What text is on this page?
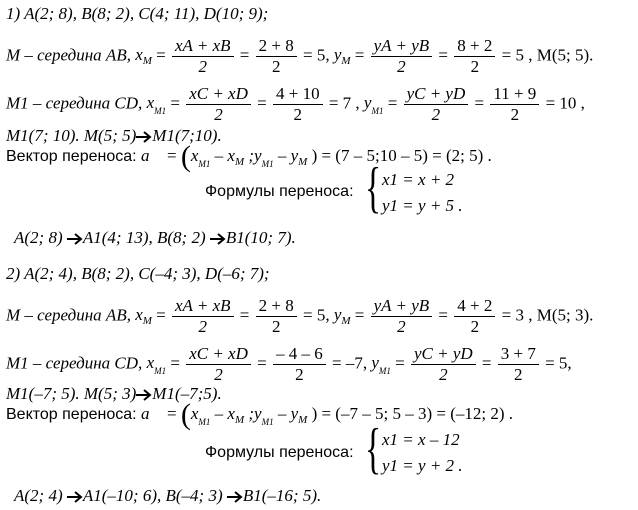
1) A(2; 8), B(8; 2), C(4; 11), D(10; 9);
M – середина AB, $x_M = \frac{xA + xB}{2} = \frac{2 + 8}{2} = 5$, $y_M = \frac{yA + yB}{2} = \frac{8 + 2}{2} = 5$ , M(5; 5).
M1 – середина CD, $x_{M1} = \frac{xC + xD}{2} = \frac{4 + 10}{2} = 7$ , $y_{M1} = \frac{yC + yD}{2} = \frac{11 + 9}{2} = 10$ ,
M1(7; 10). M(5; 5) M1(7;10).
Вектор переноса: a⃗ = ($x_{M1} - x_M$ $;y_{M1} - y_M$ ) = (7 – 5;10 – 5) = (2; 5) .
Формулы переноса: { x1 = x + 2
y1 = y + 5 .
A(2; 8) A1(4; 13), B(8; 2) B1(10; 7).
2) A(2; 4), B(8; 2), C(–4; 3), D(–6; 7);
M – середина AB, $x_M = \frac{xA + xB}{2} = \frac{2 + 8}{2} = 5$, $y_M = \frac{yA + yB}{2} = \frac{4 + 2}{2} = 3$ , M(5; 3).
M1 – середина CD, $x_{M1} = \frac{xC + xD}{2} = \frac{- 4 - 6}{2} = -7$, $y_{M1} = \frac{yC + yD}{2} = \frac{3 + 7}{2} = 5$,
M1(–7; 5). M(5; 3) M1(–7;5).
Вектор переноса: a⃗ = ($x_{M1} - x_M$ $;y_{M1} - y_M$ ) = (–7 – 5; 5 – 3) = (–12; 2) .
Формулы переноса: { x1 = x – 12
y1 = y + 2 .
A(2; 4) A1(–10; 6), B(–4; 3) B1(–16; 5).
